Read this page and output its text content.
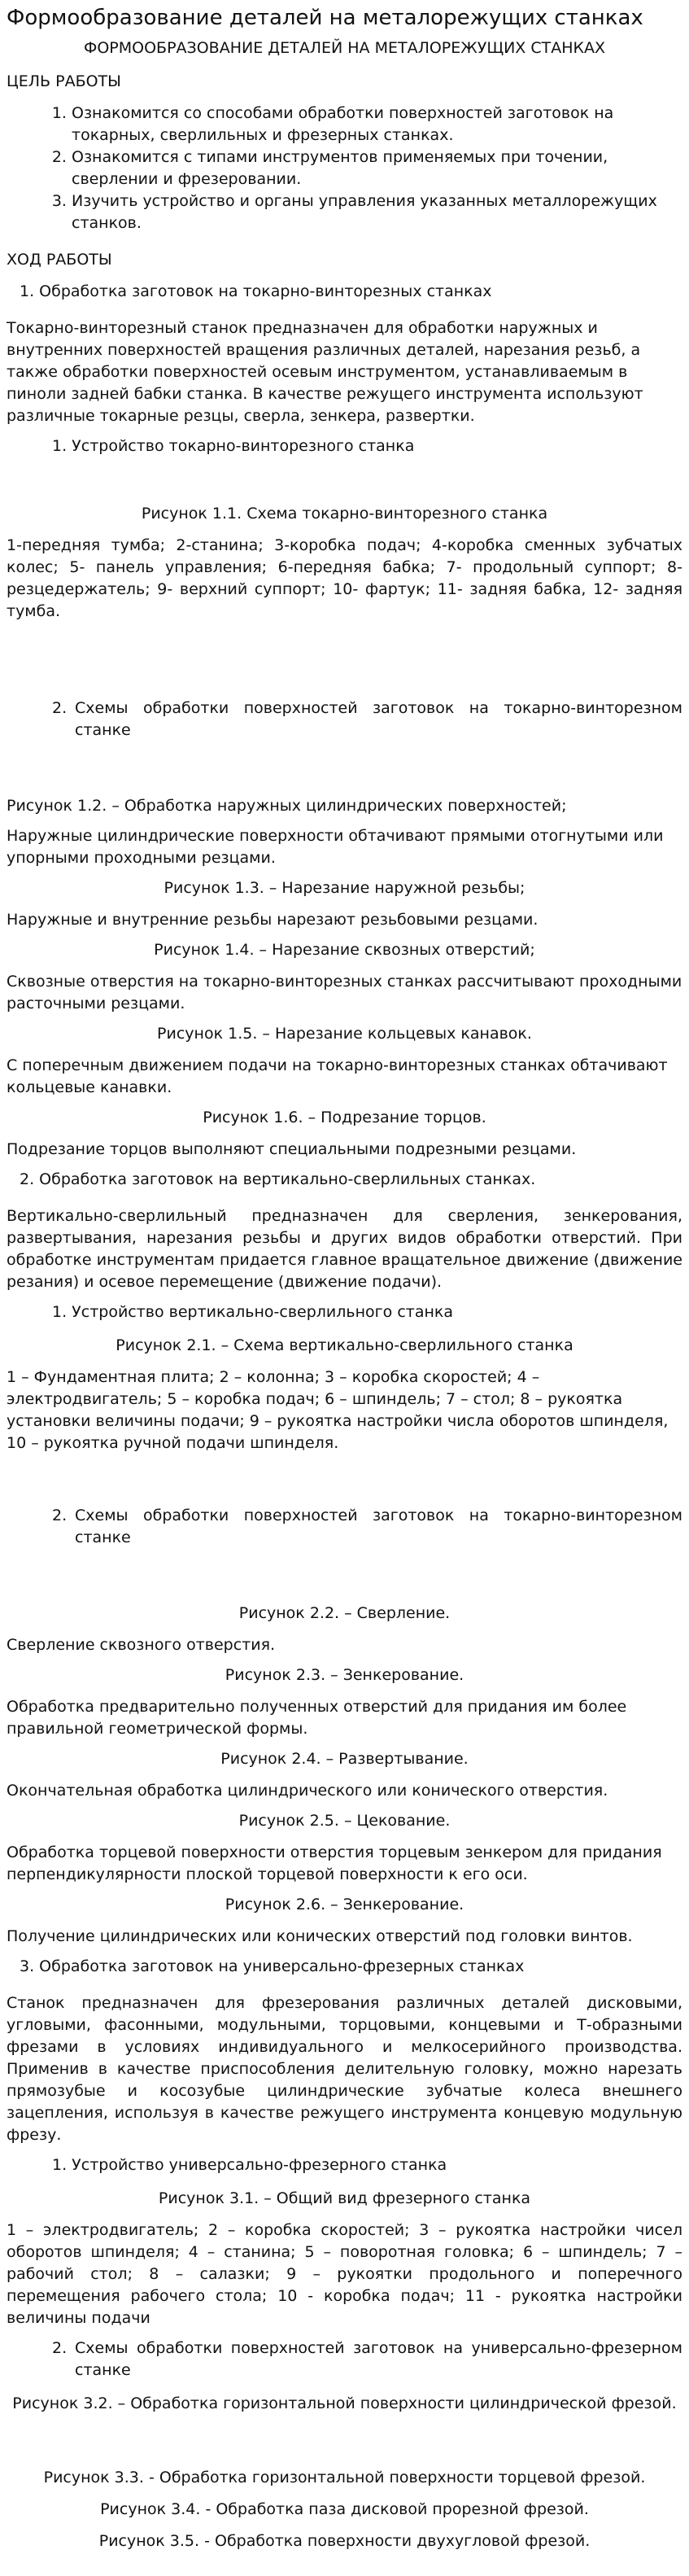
Формообразование деталей на металорежущих станках
ФОРМООБРАЗОВАНИЕ ДЕТАЛЕЙ НА МЕТАЛОРЕЖУЩИХ СТАНКАХ
ЦЕЛЬ РАБОТЫ
1. Ознакомится со способами обработки поверхностей заготовок на токарных, сверлильных и фрезерных станках.
2. Ознакомится с типами инструментов применяемых при точении, сверлении и фрезеровании.
3. Изучить устройство и органы управления указанных металлорежущих станков.
ХОД РАБОТЫ
1. Обработка заготовок на токарно-винторезных станках

Токарно-винторезный станок предназначен для обработки наружных и внутренних поверхностей вращения различных деталей, нарезания резьб, а также обработки поверхностей осевым инструментом, устанавливаемым в пиноли задней бабки станка. В качестве режущего инструмента используют различные токарные резцы, сверла, зенкера, развертки.

1. Устройство токарно-винторезного станка
Рисунок 1.1. Схема токарно-винторезного станка

1-передняя тумба; 2-станина; 3-коробка подач; 4-коробка сменных зубчатых колес; 5- панель управления; 6-передняя бабка; 7- продольный суппорт; 8- резцедержатель; 9- верхний суппорт; 10- фартук; 11- задняя бабка, 12- задняя тумба.

2. Схемы обработки поверхностей заготовок на токарно-винторезном станке

Рисунок 1.2. – Обработка наружных цилиндрических поверхностей;

Наружные цилиндрические поверхности обтачивают прямыми отогнутыми или упорными проходными резцами.

Рисунок 1.3. – Нарезание наружной резьбы;

Наружные и внутренние резьбы нарезают резьбовыми резцами.

Рисунок 1.4. – Нарезание сквозных отверстий;

Сквозные отверстия на токарно-винторезных станках рассчитывают проходными расточными резцами.

Рисунок 1.5. – Нарезание кольцевых канавок.

С поперечным движением подачи на токарно-винторезных станках обтачивают кольцевые канавки.

Рисунок 1.6. – Подрезание торцов.

Подрезание торцов выполняют специальными подрезными резцами.

2. Обработка заготовок на вертикально-сверлильных станках.

Вертикально-сверлильный предназначен для сверления, зенкерования, развертывания, нарезания резьбы и других видов обработки отверстий. При обработке инструментам придается главное вращательное движение (движение резания) и осевое перемещение (движение подачи).

1. Устройство вертикально-сверлильного станка
Рисунок 2.1. – Схема вертикально-сверлильного станка

1 – Фундаментная плита; 2 – колонна; 3 – коробка скоростей; 4 – электродвигатель; 5 – коробка подач; 6 – шпиндель; 7 – стол; 8 – рукоятка установки величины подачи; 9 – рукоятка настройки числа оборотов шпинделя, 10 – рукоятка ручной подачи шпинделя.

2. Схемы обработки поверхностей заготовок на токарно-винторезном станке
Рисунок 2.2. – Сверление.

Сверление сквозного отверстия.

Рисунок 2.3. – Зенкерование.

Обработка предварительно полученных отверстий для придания им более правильной геометрической формы.

Рисунок 2.4. – Развертывание.

Окончательная обработка цилиндрического или конического отверстия.

Рисунок 2.5. – Цекование.

Обработка торцевой поверхности отверстия торцевым зенкером для придания перпендикулярности плоской торцевой поверхности к его оси.

Рисунок 2.6. – Зенкерование.

Получение цилиндрических или конических отверстий под головки винтов.

3. Обработка заготовок на универсально-фрезерных станках

Станок предназначен для фрезерования различных деталей дисковыми, угловыми, фасонными, модульными, торцовыми, концевыми и Т-образными фрезами в условиях индивидуального и мелкосерийного производства. Применив в качестве приспособления делительную головку, можно нарезать прямозубые и косозубые цилиндрические зубчатые колеса внешнего зацепления, используя в качестве режущего инструмента концевую модульную фрезу.

1. Устройство универсально-фрезерного станка
Рисунок 3.1. – Общий вид фрезерного станка

1 – электродвигатель; 2 – коробка скоростей; 3 – рукоятка настройки чисел оборотов шпинделя; 4 – станина; 5 – поворотная головка; 6 – шпиндель; 7 – рабочий стол; 8 – салазки; 9 – рукоятки продольного и поперечного перемещения рабочего стола; 10 - коробка подач; 11 - рукоятка настройки величины подачи

2. Схемы обработки поверхностей заготовок на универсально-фрезерном станке
Рисунок 3.2. – Обработка горизонтальной поверхности цилиндрической фрезой.
Рисунок 3.3. - Обработка горизонтальной поверхности торцевой фрезой.
Рисунок 3.4. - Обработка паза дисковой прорезной фрезой.
Рисунок 3.5. - Обработка поверхности двухугловой фрезой.
